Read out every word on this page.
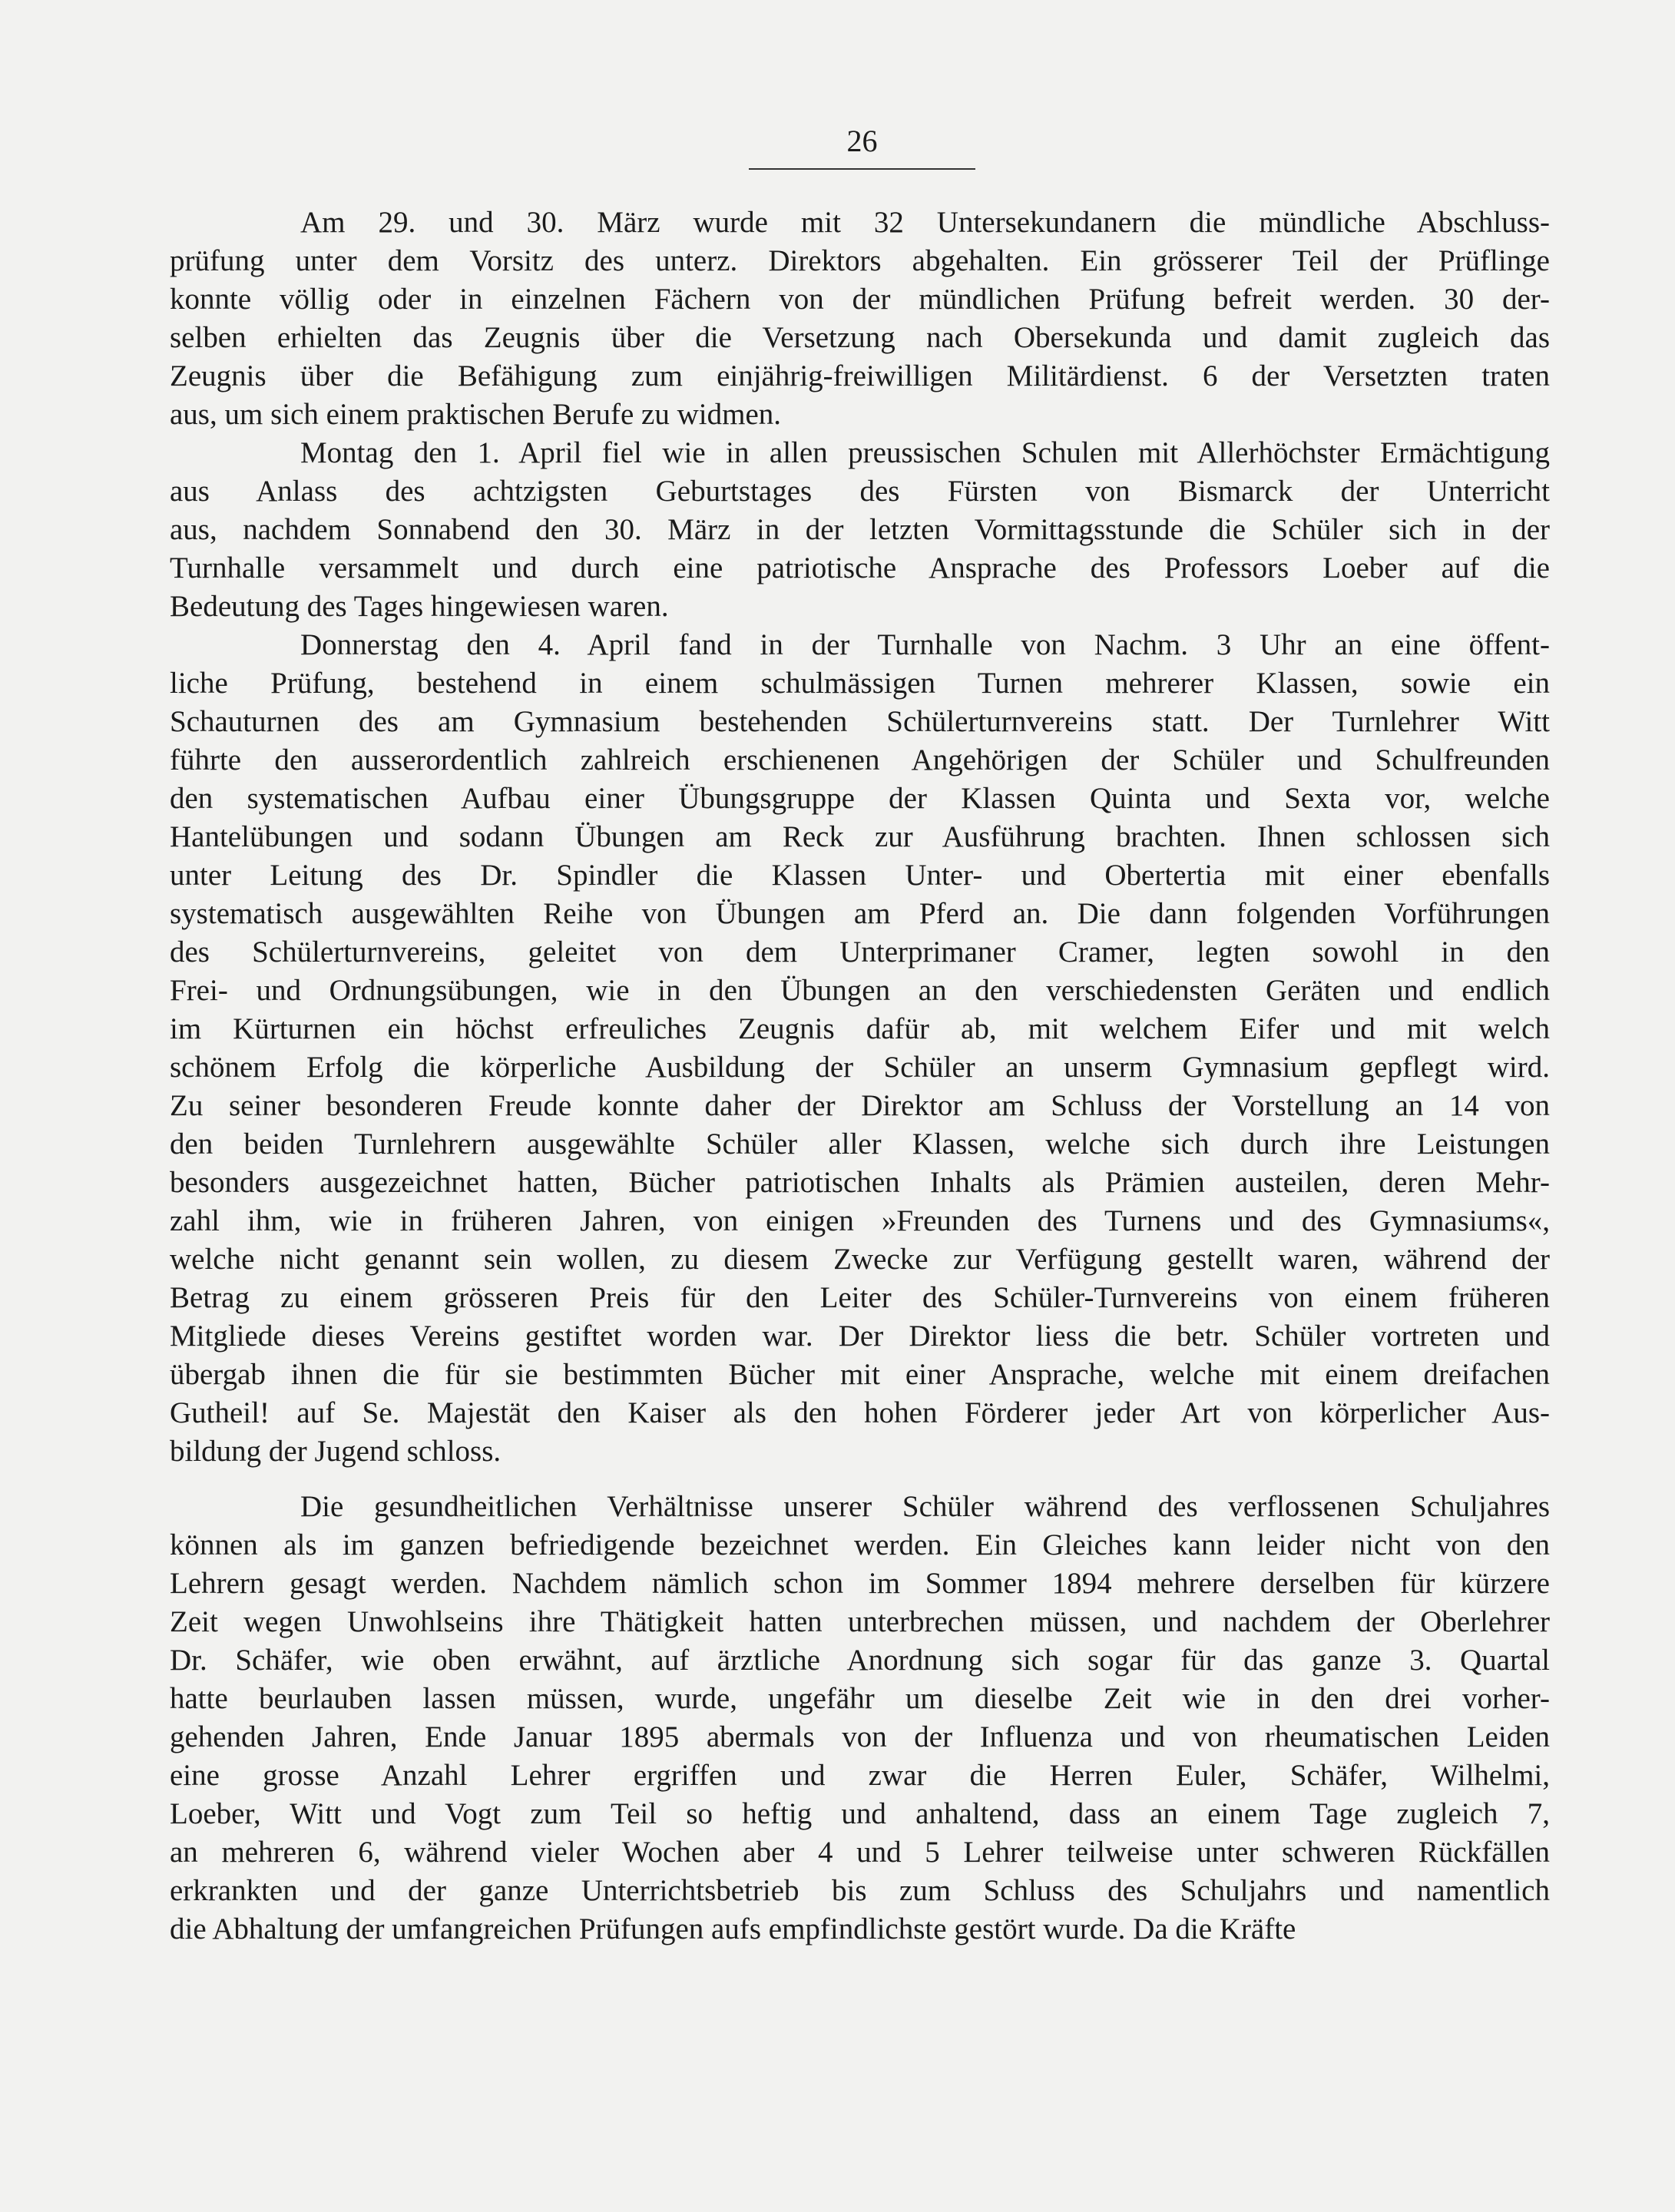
26
Am 29. und 30. März wurde mit 32 Untersekundanern die mündliche Abschluss-
prüfung unter dem Vorsitz des unterz. Direktors abgehalten. Ein grösserer Teil der Prüflinge
konnte völlig oder in einzelnen Fächern von der mündlichen Prüfung befreit werden. 30 der-
selben erhielten das Zeugnis über die Versetzung nach Obersekunda und damit zugleich das
Zeugnis über die Befähigung zum einjährig-freiwilligen Militärdienst. 6 der Versetzten traten
aus, um sich einem praktischen Berufe zu widmen.
Montag den 1. April fiel wie in allen preussischen Schulen mit Allerhöchster Ermächtigung
aus Anlass des achtzigsten Geburtstages des Fürsten von Bismarck der Unterricht
aus, nachdem Sonnabend den 30. März in der letzten Vormittagsstunde die Schüler sich in der
Turnhalle versammelt und durch eine patriotische Ansprache des Professors Loeber auf die
Bedeutung des Tages hingewiesen waren.
Donnerstag den 4. April fand in der Turnhalle von Nachm. 3 Uhr an eine öffent-
liche Prüfung, bestehend in einem schulmässigen Turnen mehrerer Klassen, sowie ein
Schauturnen des am Gymnasium bestehenden Schülerturnvereins statt. Der Turnlehrer Witt
führte den ausserordentlich zahlreich erschienenen Angehörigen der Schüler und Schulfreunden
den systematischen Aufbau einer Übungsgruppe der Klassen Quinta und Sexta vor, welche
Hantelübungen und sodann Übungen am Reck zur Ausführung brachten. Ihnen schlossen sich
unter Leitung des Dr. Spindler die Klassen Unter- und Obertertia mit einer ebenfalls
systematisch ausgewählten Reihe von Übungen am Pferd an. Die dann folgenden Vorführungen
des Schülerturnvereins, geleitet von dem Unterprimaner Cramer, legten sowohl in den
Frei- und Ordnungsübungen, wie in den Übungen an den verschiedensten Geräten und endlich
im Kürturnen ein höchst erfreuliches Zeugnis dafür ab, mit welchem Eifer und mit welch
schönem Erfolg die körperliche Ausbildung der Schüler an unserm Gymnasium gepflegt wird.
Zu seiner besonderen Freude konnte daher der Direktor am Schluss der Vorstellung an 14 von
den beiden Turnlehrern ausgewählte Schüler aller Klassen, welche sich durch ihre Leistungen
besonders ausgezeichnet hatten, Bücher patriotischen Inhalts als Prämien austeilen, deren Mehr-
zahl ihm, wie in früheren Jahren, von einigen »Freunden des Turnens und des Gymnasiums«,
welche nicht genannt sein wollen, zu diesem Zwecke zur Verfügung gestellt waren, während der
Betrag zu einem grösseren Preis für den Leiter des Schüler-Turnvereins von einem früheren
Mitgliede dieses Vereins gestiftet worden war. Der Direktor liess die betr. Schüler vortreten und
übergab ihnen die für sie bestimmten Bücher mit einer Ansprache, welche mit einem dreifachen
Gutheil! auf Se. Majestät den Kaiser als den hohen Förderer jeder Art von körperlicher Aus-
bildung der Jugend schloss.
Die gesundheitlichen Verhältnisse unserer Schüler während des verflossenen Schuljahres
können als im ganzen befriedigende bezeichnet werden. Ein Gleiches kann leider nicht von den
Lehrern gesagt werden. Nachdem nämlich schon im Sommer 1894 mehrere derselben für kürzere
Zeit wegen Unwohlseins ihre Thätigkeit hatten unterbrechen müssen, und nachdem der Oberlehrer
Dr. Schäfer, wie oben erwähnt, auf ärztliche Anordnung sich sogar für das ganze 3. Quartal
hatte beurlauben lassen müssen, wurde, ungefähr um dieselbe Zeit wie in den drei vorher-
gehenden Jahren, Ende Januar 1895 abermals von der Influenza und von rheumatischen Leiden
eine grosse Anzahl Lehrer ergriffen und zwar die Herren Euler, Schäfer, Wilhelmi,
Loeber, Witt und Vogt zum Teil so heftig und anhaltend, dass an einem Tage zugleich 7,
an mehreren 6, während vieler Wochen aber 4 und 5 Lehrer teilweise unter schweren Rückfällen
erkrankten und der ganze Unterrichtsbetrieb bis zum Schluss des Schuljahrs und namentlich
die Abhaltung der umfangreichen Prüfungen aufs empfindlichste gestört wurde. Da die Kräfte
